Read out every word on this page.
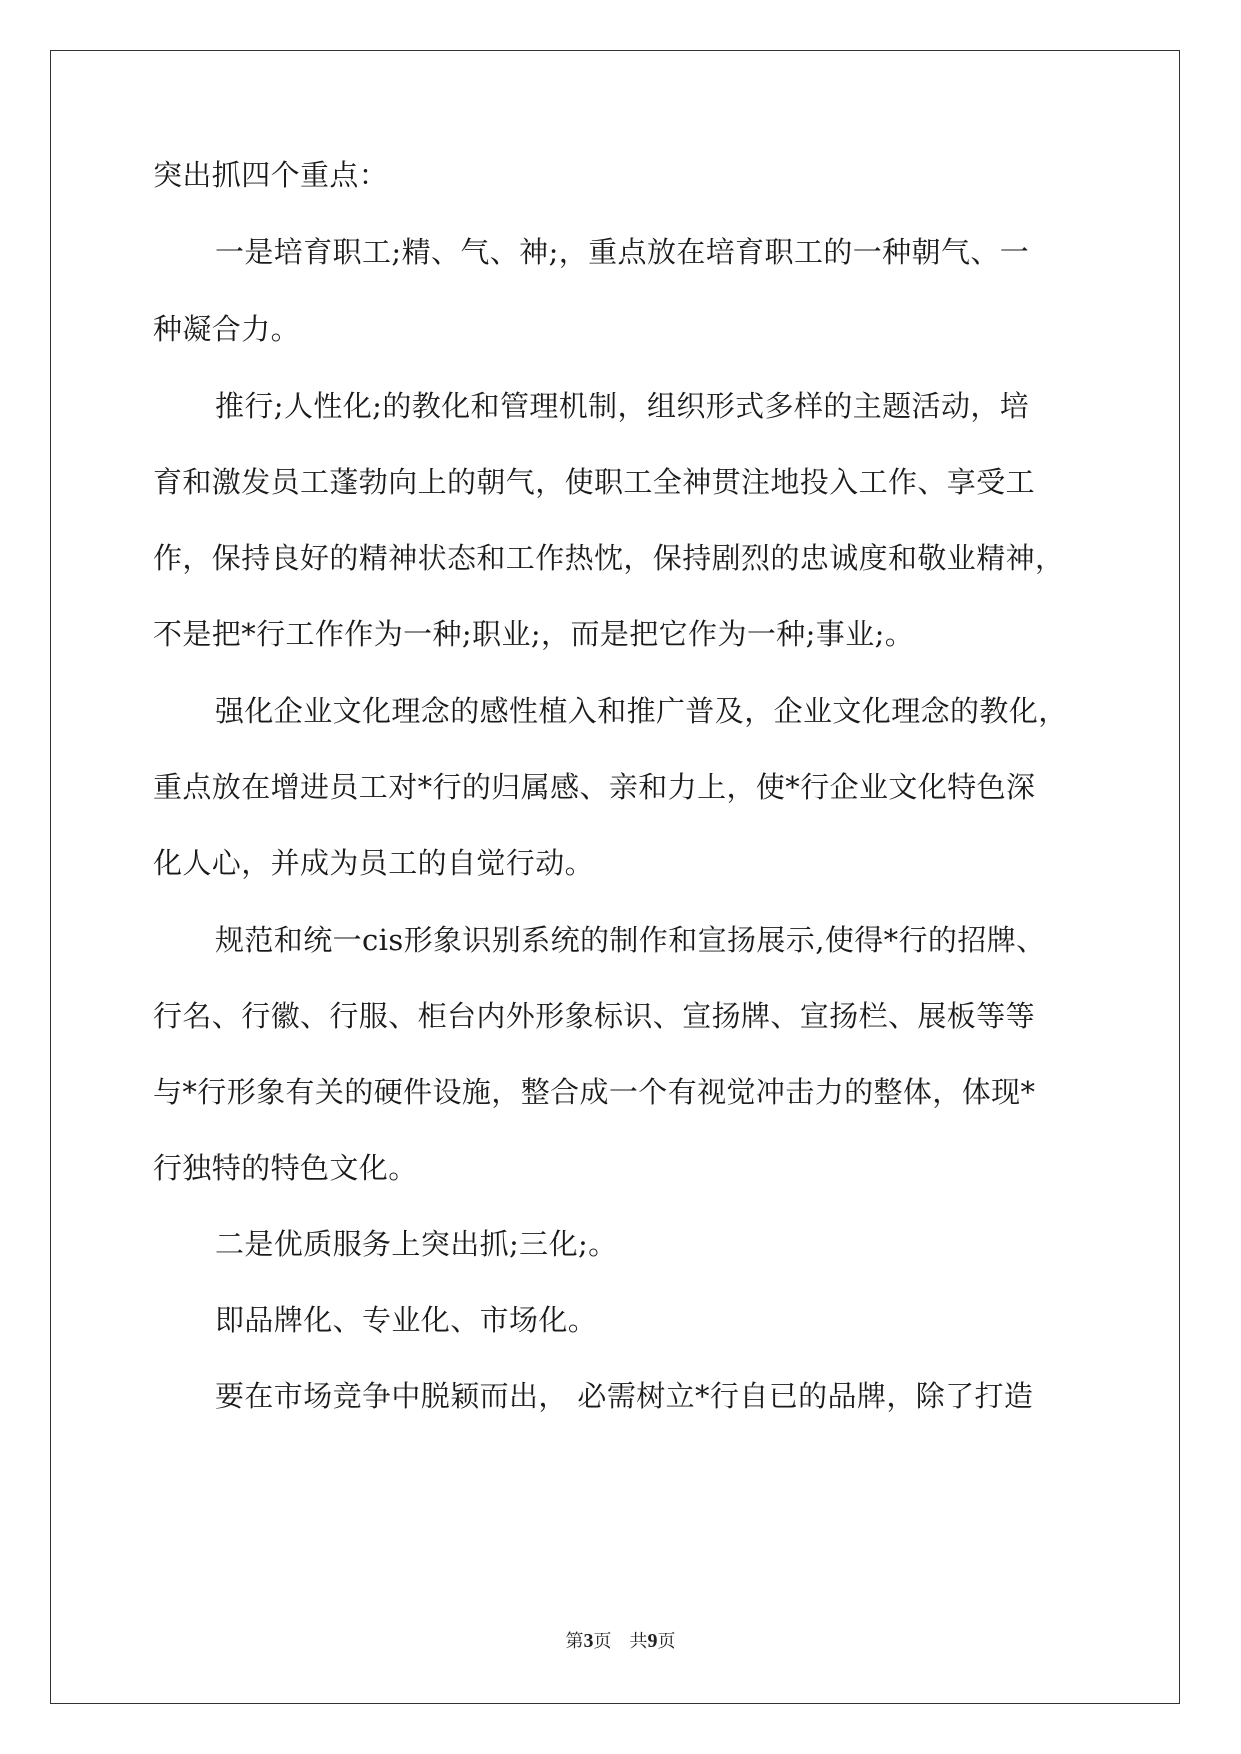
突出抓四个重点：
一是培育职工;精、气、神;，重点放在培育职工的一种朝气、一
种凝合力。
推行;人性化;的教化和管理机制，组织形式多样的主题活动，培
育和激发员工蓬勃向上的朝气，使职工全神贯注地投入工作、享受工
作，保持良好的精神状态和工作热忱，保持剧烈的忠诚度和敬业精神，
不是把*行工作作为一种;职业;，而是把它作为一种;事业;。
强化企业文化理念的感性植入和推广普及，企业文化理念的教化，
重点放在增进员工对*行的归属感、亲和力上，使*行企业文化特色深
化人心，并成为员工的自觉行动。
规范和统一cis形象识别系统的制作和宣扬展示,使得*行的招牌、
行名、行徽、行服、柜台内外形象标识、宣扬牌、宣扬栏、展板等等
与*行形象有关的硬件设施，整合成一个有视觉冲击力的整体，体现*
行独特的特色文化。
二是优质服务上突出抓;三化;。
即品牌化、专业化、市场化。
要在市场竞争中脱颖而出， 必需树立*行自已的品牌，除了打造
第3页　共9页
